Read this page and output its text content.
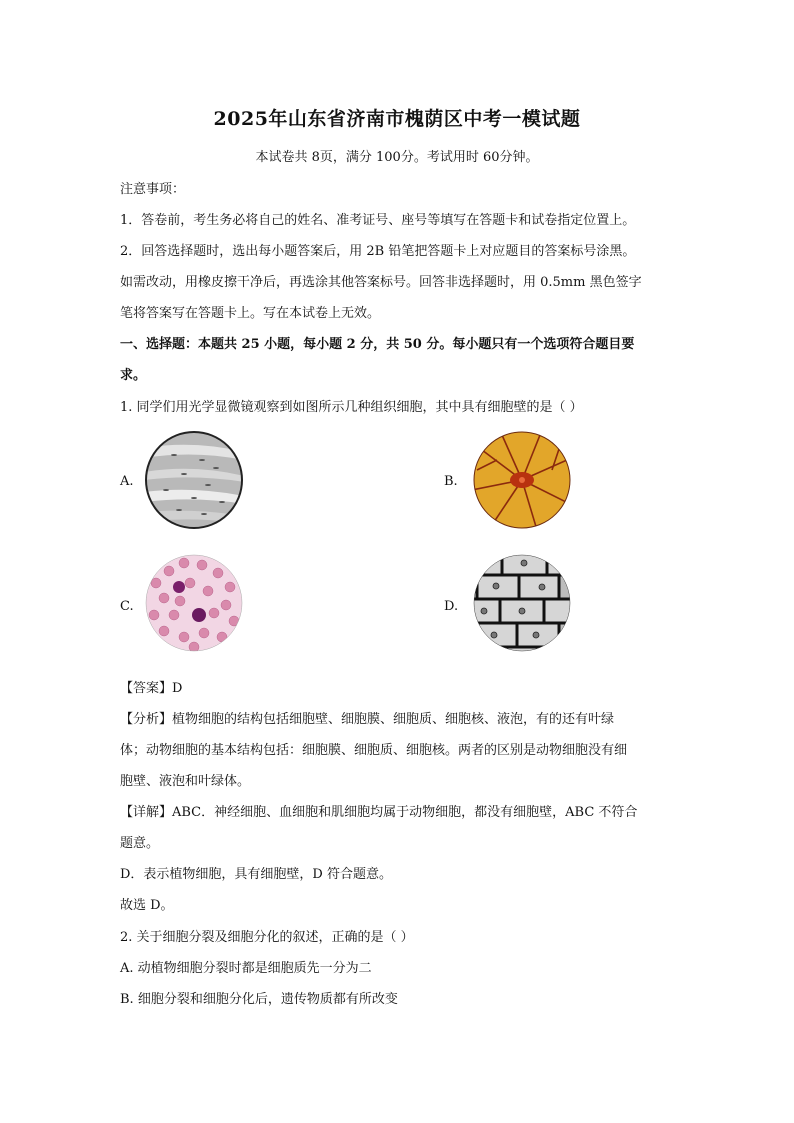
2025年山东省济南市槐荫区中考一模试题
本试卷共 8页，满分 100分。考试用时 60分钟。
注意事项：
1．答卷前，考生务必将自己的姓名、准考证号、座号等填写在答题卡和试卷指定位置上。
2．回答选择题时，选出每小题答案后，用 2B 铅笔把答题卡上对应题目的答案标号涂黑。
如需改动，用橡皮擦干净后，再选涂其他答案标号。回答非选择题时，用 0.5mm 黑色签字
笔将答案写在答题卡上。写在本试卷上无效。
一、选择题：本题共 25 小题，每小题 2 分，共 50 分。每小题只有一个选项符合题目要
求。
1. 同学们用光学显微镜观察到如图所示几种组织细胞，其中具有细胞壁的是（ ）
A.	B.
C.	D.
【答案】D
【分析】植物细胞的结构包括细胞壁、细胞膜、细胞质、细胞核、液泡，有的还有叶绿
体；动物细胞的基本结构包括：细胞膜、细胞质、细胞核。两者的区别是动物细胞没有细
胞壁、液泡和叶绿体。
【详解】ABC．神经细胞、血细胞和肌细胞均属于动物细胞，都没有细胞壁，ABC 不符合
题意。
D．表示植物细胞，具有细胞壁，D 符合题意。
故选 D。
2. 关于细胞分裂及细胞分化的叙述，正确的是（ ）
A. 动植物细胞分裂时都是细胞质先一分为二
B. 细胞分裂和细胞分化后，遗传物质都有所改变
